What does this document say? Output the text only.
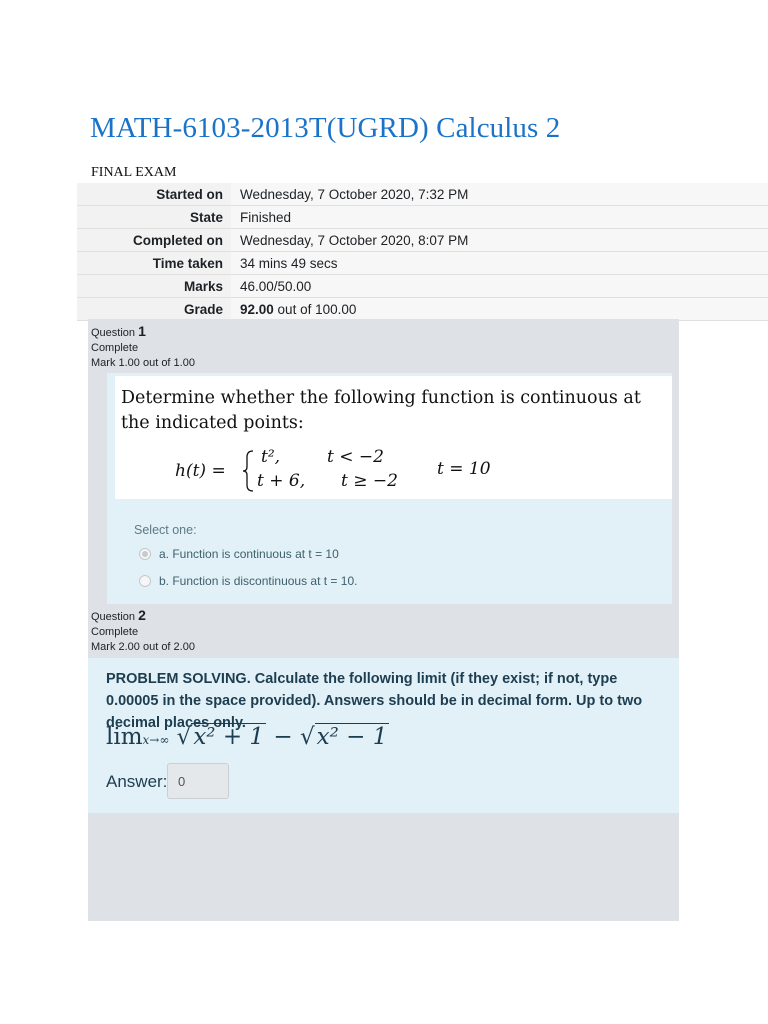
MATH-6103-2013T(UGRD) Calculus 2
FINAL EXAM
Started on	Wednesday, 7 October 2020, 7:32 PM
State	Finished
Completed on	Wednesday, 7 October 2020, 8:07 PM
Time taken	34 mins 49 secs
Marks	46.00/50.00
Grade	92.00 out of 100.00
Question 1
Complete
Mark 1.00 out of 1.00
Determine whether the following function is continuous at the indicated points:
h(t) =
t²,	t < −2
t + 6, t ≥ −2
t = 10
Select one:
a. Function is continuous at t = 10
b. Function is discontinuous at t = 10.
Question 2
Complete
Mark 2.00 out of 2.00
PROBLEM SOLVING. Calculate the following limit (if they exist; if not, type 0.00005 in the space provided). Answers should be in decimal form. Up to two decimal places only.
limx→∞ √x² + 1 − √x² − 1
Answer:
0
